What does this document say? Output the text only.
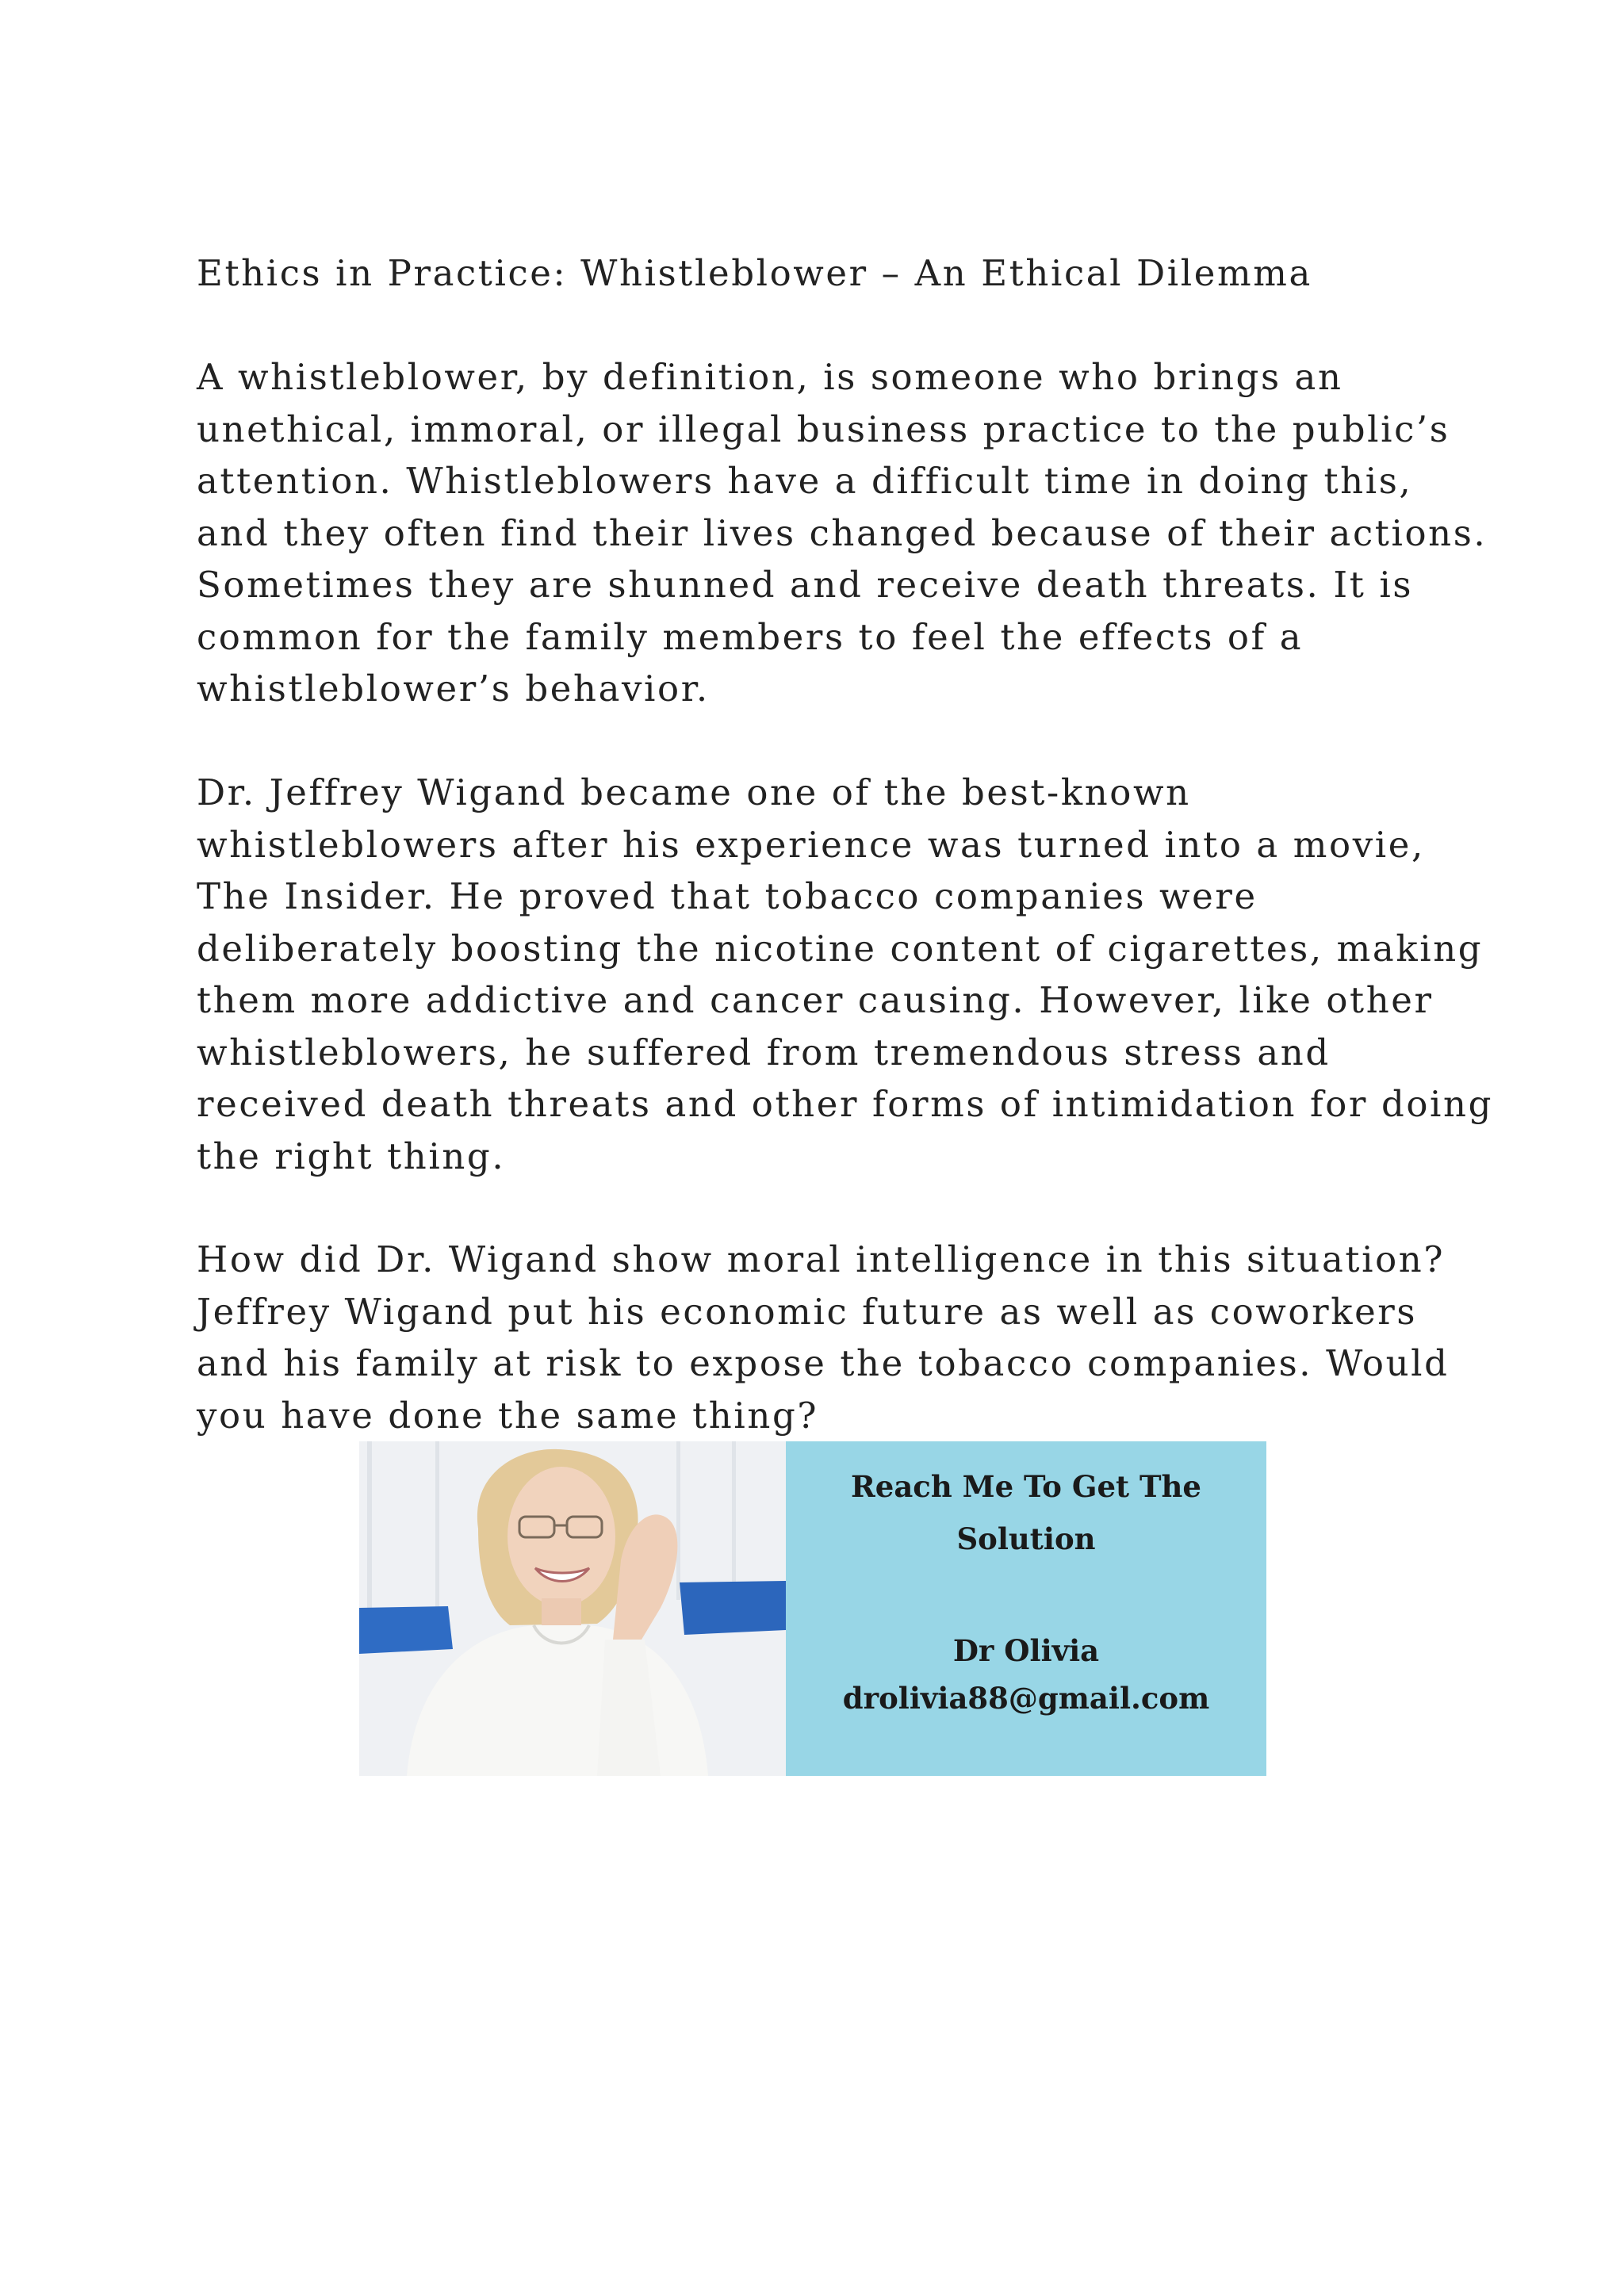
Ethics in Practice: Whistleblower – An Ethical Dilemma
A whistleblower, by definition, is someone who brings an
unethical, immoral, or illegal business practice to the public’s
attention. Whistleblowers have a difficult time in doing this,
and they often find their lives changed because of their actions.
Sometimes they are shunned and receive death threats. It is
common for the family members to feel the effects of a
whistleblower’s behavior.
Dr. Jeffrey Wigand became one of the best-known
whistleblowers after his experience was turned into a movie,
The Insider. He proved that tobacco companies were
deliberately boosting the nicotine content of cigarettes, making
them more addictive and cancer causing. However, like other
whistleblowers, he suffered from tremendous stress and
received death threats and other forms of intimidation for doing
the right thing.
How did Dr. Wigand show moral intelligence in this situation?
Jeffrey Wigand put his economic future as well as coworkers
and his family at risk to expose the tobacco companies. Would
you have done the same thing?
Reach Me To Get The
Solution
Dr Olivia
drolivia88@gmail.com
